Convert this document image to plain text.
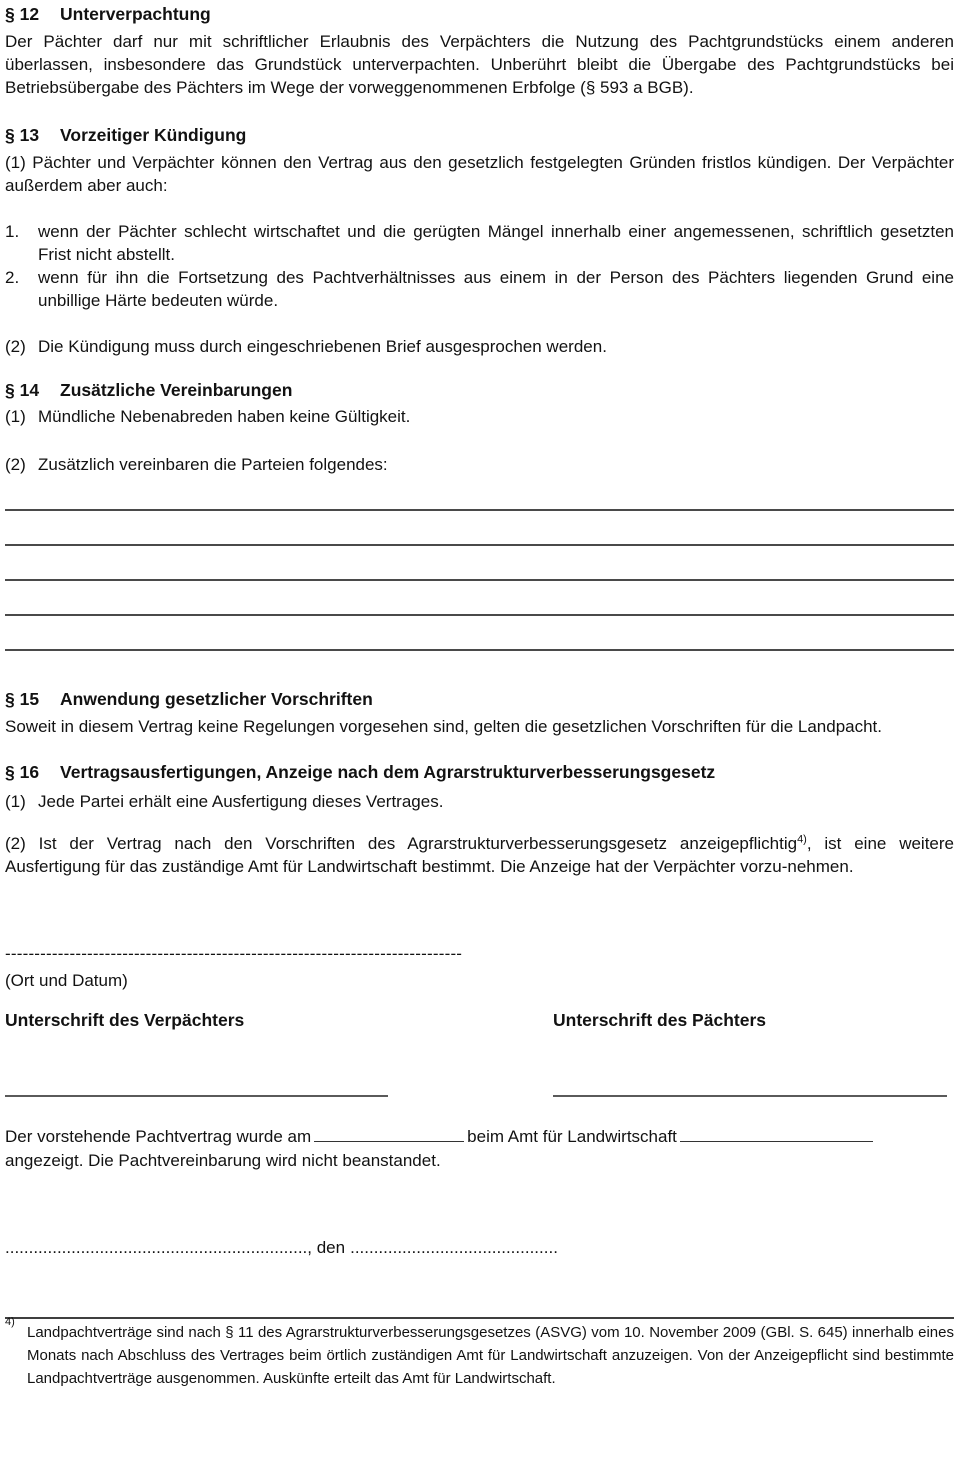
§ 12 Unterverpachtung

Der Pächter darf nur mit schriftlicher Erlaubnis des Verpächters die Nutzung des Pachtgrundstücks einem anderen überlassen, insbesondere das Grundstück unterverpachten. Unberührt bleibt die Übergabe des Pachtgrundstücks bei Betriebsübergabe des Pächters im Wege der vorweggenommenen Erbfolge (§ 593 a BGB).

§ 13 Vorzeitiger Kündigung

(1) Pächter und Verpächter können den Vertrag aus den gesetzlich festgelegten Gründen fristlos kündigen. Der Verpächter außerdem aber auch:

1.	wenn der Pächter schlecht wirtschaftet und die gerügten Mängel innerhalb einer angemessenen, schriftlich gesetzten Frist nicht abstellt.
2.	wenn für ihn die Fortsetzung des Pachtverhältnisses aus einem in der Person des Pächters liegenden Grund eine unbillige Härte bedeuten würde.

(2) Die Kündigung muss durch eingeschriebenen Brief ausgesprochen werden.

§ 14 Zusätzliche Vereinbarungen

(1) Mündliche Nebenabreden haben keine Gültigkeit.

(2) Zusätzlich vereinbaren die Parteien folgendes:

§ 15 Anwendung gesetzlicher Vorschriften

Soweit in diesem Vertrag keine Regelungen vorgesehen sind, gelten die gesetzlichen Vorschriften für die Landpacht.

§ 16 Vertragsausfertigungen, Anzeige nach dem Agrarstrukturverbesserungsgesetz

(1) Jede Partei erhält eine Ausfertigung dieses Vertrages.

(2) Ist der Vertrag nach den Vorschriften des Agrarstrukturverbesserungsgesetz anzeigepflichtig$^{4)}$, ist eine weitere Ausfertigung für das zuständige Amt für Landwirtschaft bestimmt. Die Anzeige hat der Verpächter vorzu-nehmen.

------------------------------------------------------------------------------
(Ort und Datum)
Unterschrift des Verpächters	Unterschrift des Pächters
Der vorstehende Pachtvertrag wurde am	beim Amt für Landwirtschaft
angezeigt. Die Pachtvereinbarung wird nicht beanstandet.
................................................................, den ............................................
4)
Landpachtverträge sind nach § 11 des Agrarstrukturverbesserungsgesetzes (ASVG) vom 10. November 2009 (GBl. S. 645) innerhalb eines Monats nach Abschluss des Vertrages beim örtlich zuständigen Amt für Landwirtschaft anzuzeigen. Von der Anzeigepflicht sind bestimmte Landpachtverträge ausgenommen. Auskünfte erteilt das Amt für Landwirtschaft.
